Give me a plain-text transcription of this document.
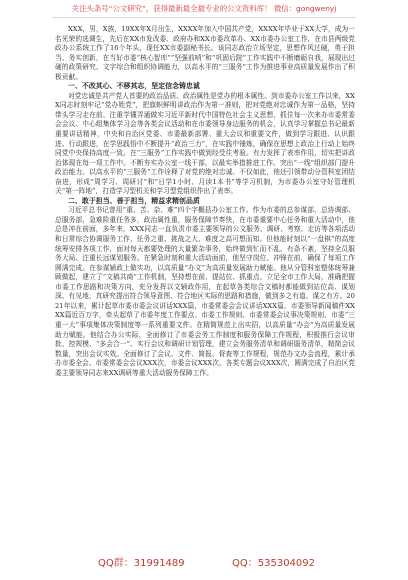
关注头条号“公文研究”，获得最新最全最专业的公文资料库！ 微信：gongwenyj

XXX，男，X族，19XX年X月出生，XXXX年加入中国共产党，XXXX年毕业于XX大学，成为一名光荣的选调生，先后在XX市发改委、政府办和XX市委改革办、XX市委办公室工作，在市县两级党政办公系统工作了16个年头，现任XX市委副秘书长。该同志政治立场坚定，思想作风过硬，勇于担当、务实创新，在当好市委“核心智库”“坚强前哨”和“巩固后院”工作实践中不断磨砺自我，展现出过硬的政策研究、文字综合和组织协调能力，以高水平的“三服务”工作为推进事业高质量发展作出了积极贡献。

一、不改其心、不移其志，坚定信念铸忠诚

对党忠诚是共产党人首要的政治品质、政治属性是党办的根本属性。到市委办公室工作以来，XXX同志时刻牢记“党办姓党”，把旗帜鲜明讲政治作为第一准则，把对党绝对忠诚作为第一品格，坚持带头学习走在前、注重学懂弄通做实习近平新时代中国特色社会主义思想，抓住每一次来办市委常委会会议、中心组集体学习会等各类会议活动和在市委领导身边服务的机会，认真学习掌握总书记最新重要讲话精神，中央和自治区党委、市委最新部署、重大会议和重要文件，做到学习跟进、认识跟进、行动跟进，在学思践悟中不断提升“政治三力”，在实践中锤炼，确保在思想上政治上行动上始终同党中央保持高度一致。在“三服务”工作实践中做到经受住考验。有力发挥了表率作用，切实把讲政治体现在每一项工作中。不断夯实办公室一线干部，以最实举措推进工作。突出“一线”组织部门提升政治能力。以高水平的“三服务”工作诠释了对党的绝对忠诚。不仅如此，他还引领带动分管科室团结奋进，形成“周学习、周研讨”和“日学1小时、月读1本书”等学习机制，为市委办公室守好管理机关“第一阵地”，打造学习型机关和学习型党组织作出了表率。

二、敢于担当、善于担当，精益求精创品质

习近平总书记曾用“重、苦、杂、难”四个字概括办公室工作。作为市委的总参谋部，总协调部、总服务部，急难险重任务多，政治属性重，服务保障节奏快，在市委重要中心任务和重大活动中，他总是冲在前面，多年来，XXX同志一直负责市委主要领导的公文服务、调研、考察、走访等各项活动和日常综合协调服务工作，任务之重、挑战之大、难度之高可想而知。但他能时刻以“一盘棋”的高度统筹安排各项工作，面对每天都要处理的大量繁杂事务，始终做到忙而不乱、有条不紊，坚持全员服务大局、注重长远谋划服务。在紧急时刻和重大活动面前，他坚守岗位、冲锋在前，确保了每项工作圆满完成。在参谋辅政上做实功，以高质量“办文”为高质量发展助力赋能。他从分管科室整体统筹兼顾做起，建立了“文稿共商”工作机制，坚持想在前、提站位、抓重点、立足全市工作大局，准确把握市委工作思路和决策方向，充分发挥以文辅政作用，在起草各类综合文稿时都能做到站位高、谋划深、有见地，真研究提出符合领导意图、符合地区实际的思路和措施，做到多之有道、谋之有方。2021年以来，累计起草市委市委会议讲话XXX篇，市委常委会会议讲话XXX篇、市委领导新闻稿件XXXX篇近百万字，牵头起草了市委年度工作要点、市委工作规则、市委常委会议事决策规则、市委“三重一大”事项集体决策制度等一系列重要文件。在精简规范上出实招，以高质量“办会”为高质量发展助力赋能。他结合办公实际，全面修订了市委会务工作制度和服务保障工作规程，积极推行会议审批、控规模、“多会合一”、实行会议和调研计划管理，建立会务服务清单和调研服务清单，精简会议数量，突出会议实效。全面修订了会议、文件、简报、督查等工作规程，规范办文办会流程，累计承办市委全会、市委常委会会议XXX次，市委会议XXX次，各类专题会议XXX次，圆满完成了自治区党委主要领导同志来XX调研等重大活动服务保障工作。

QQ群：31991489	QQ：535304092
